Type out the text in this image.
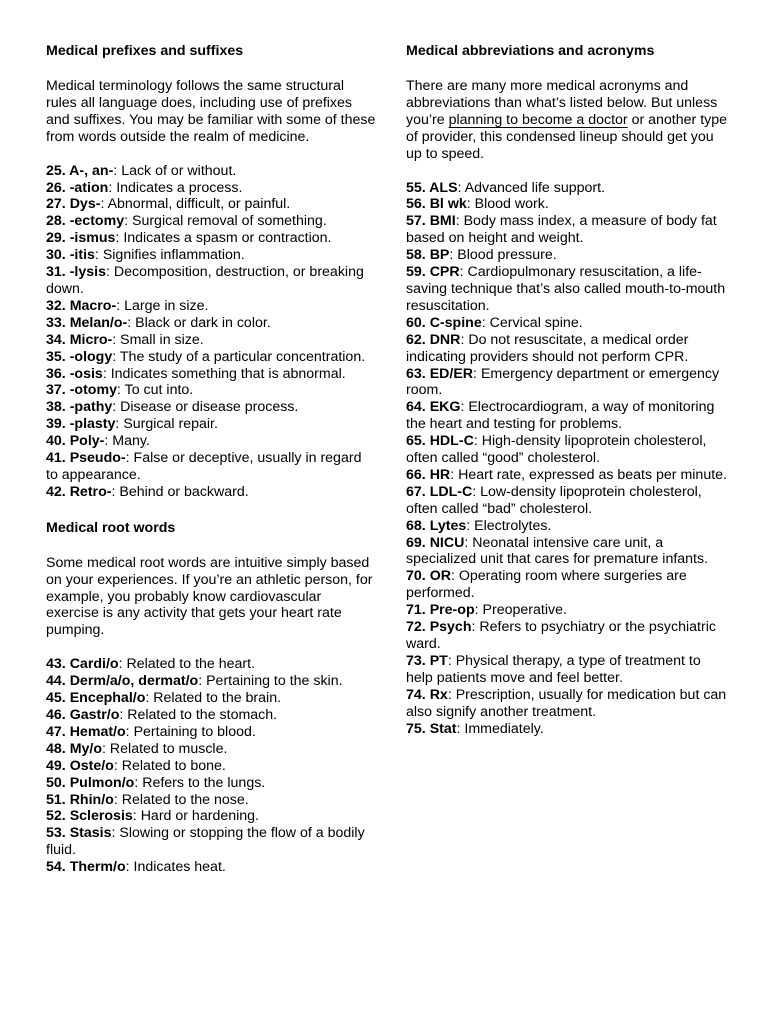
Medical prefixes and suffixes

Medical terminology follows the same structural rules all language does, including use of prefixes and suffixes. You may be familiar with some of these from words outside the realm of medicine.

25. A-, an-: Lack of or without.

26. -ation: Indicates a process.

27. Dys-: Abnormal, difficult, or painful.

28. -ectomy: Surgical removal of something.

29. -ismus: Indicates a spasm or contraction.

30. -itis: Signifies inflammation.

31. -lysis: Decomposition, destruction, or breaking down.

32. Macro-: Large in size.

33. Melan/o-: Black or dark in color.

34. Micro-: Small in size.

35. -ology: The study of a particular concentration.

36. -osis: Indicates something that is abnormal.

37. -otomy: To cut into.

38. -pathy: Disease or disease process.

39. -plasty: Surgical repair.

40. Poly-: Many.

41. Pseudo-: False or deceptive, usually in regard to appearance.

42. Retro-: Behind or backward.

Medical root words

Some medical root words are intuitive simply based on your experiences. If you’re an athletic person, for example, you probably know cardiovascular exercise is any activity that gets your heart rate pumping.

43. Cardi/o: Related to the heart.

44. Derm/a/o, dermat/o: Pertaining to the skin.

45. Encephal/o: Related to the brain.

46. Gastr/o: Related to the stomach.

47. Hemat/o: Pertaining to blood.

48. My/o: Related to muscle.

49. Oste/o: Related to bone.

50. Pulmon/o: Refers to the lungs.

51. Rhin/o: Related to the nose.

52. Sclerosis: Hard or hardening.

53. Stasis: Slowing or stopping the flow of a bodily fluid.

54. Therm/o: Indicates heat.

Medical abbreviations and acronyms

There are many more medical acronyms and abbreviations than what’s listed below. But unless you’re planning to become a doctor or another type of provider, this condensed lineup should get you up to speed.

55. ALS: Advanced life support.

56. Bl wk: Blood work.

57. BMI: Body mass index, a measure of body fat based on height and weight.

58. BP: Blood pressure.

59. CPR: Cardiopulmonary resuscitation, a life-saving technique that’s also called mouth-to-mouth resuscitation.

60. C-spine: Cervical spine.

62. DNR: Do not resuscitate, a medical order indicating providers should not perform CPR.

63. ED/ER: Emergency department or emergency room.

64. EKG: Electrocardiogram, a way of monitoring the heart and testing for problems.

65. HDL-C: High-density lipoprotein cholesterol, often called “good” cholesterol.

66. HR: Heart rate, expressed as beats per minute.

67. LDL-C: Low-density lipoprotein cholesterol, often called “bad” cholesterol.

68. Lytes: Electrolytes.

69. NICU: Neonatal intensive care unit, a specialized unit that cares for premature infants.

70. OR: Operating room where surgeries are performed.

71. Pre-op: Preoperative.

72. Psych: Refers to psychiatry or the psychiatric ward.

73. PT: Physical therapy, a type of treatment to help patients move and feel better.

74. Rx: Prescription, usually for medication but can also signify another treatment.

75. Stat: Immediately.
